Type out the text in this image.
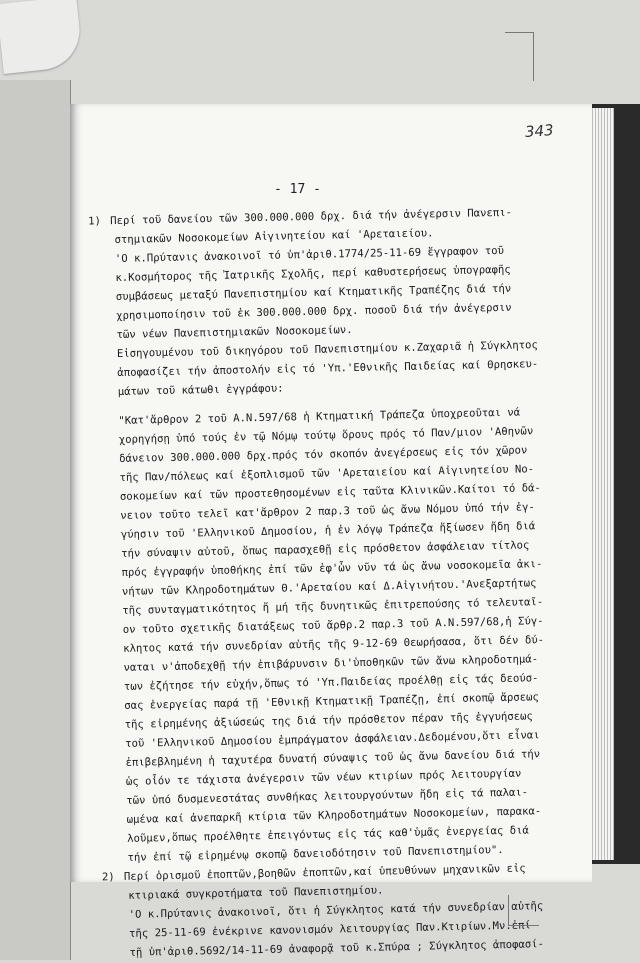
343
- 17 -
1) Περί τοῦ δανείου τῶν 300.000.000 δρχ. διά τήν ἀνέγερσιν Πανεπι-
στημιακῶν Νοσοκομείων Αἰγινητείου καί 'Αρεταιείου.
'Ο κ.Πρύτανις ἀνακοινοῖ τό ὑπ'ἀριθ.1774/25-11-69 ἔγγραφον τοῦ
κ.Κοσμήτορος τῆς Ἰατρικῆς Σχολῆς, περί καθυστερήσεως ὑπογραφῆς
συμβάσεως μεταξύ Πανεπιστημίου καί Κτηματικῆς Τραπέζης διά τήν
χρησιμοποίησιν τοῦ ἐκ 300.000.000 δρχ. ποσοῦ διά τήν ἀνέγερσιν
τῶν νέων Πανεπιστημιακῶν Νοσοκομείων.
Εἰσηγουμένου τοῦ δικηγόρου τοῦ Πανεπιστημίου κ.Ζαχαριᾶ ἡ Σύγκλητος
ἀποφασίζει τήν ἀποστολήν εἰς τό 'Υπ.'Εθνικῆς Παιδείας καί Θρησκευ-
μάτων τοῦ κάτωθι ἐγγράφου:
"Κατ'ἄρθρον 2 τοῦ Α.Ν.597/68 ἡ Κτηματική Τράπεζα ὑποχρεοῦται νά
χορηγήσῃ ὑπό τούς ἐν τῷ Νόμῳ τούτῳ ὅρους πρός τό Παν/μιον 'Αθηνῶν
δάνειον 300.000.000 δρχ.πρός τόν σκοπόν ἀνεγέρσεως εἰς τόν χῶρον
τῆς Παν/πόλεως καί ἐξοπλισμοῦ τῶν 'Αρεταιείου καί Αἰγινητείου Νο-
σοκομείων καί τῶν προστεθησομένων εἰς ταῦτα Κλινικῶν.Καίτοι τό δά-
νειον τοῦτο τελεῖ κατ'ἄρθρον 2 παρ.3 τοῦ ὡς ἄνω Νόμου ὑπό τήν ἐγ-
γύησιν τοῦ 'Ελληνικοῦ Δημοσίου, ἡ ἐν λόγῳ Τράπεζα ἤξίωσεν ἤδη διά
τήν σύναψιν αὐτοῦ, ὅπως παρασχεθῇ εἰς πρόσθετον ἀσφάλειαν τίτλος
πρός ἐγγραφήν ὑποθήκης ἐπί τῶν ἐφ'ὧν νῦν τά ὡς ἄνω νοσοκομεῖα ἀκι-
νήτων τῶν Κληροδοτημάτων Θ.'Αρεταίου καί Δ.Αἰγινήτου.'Ανεξαρτήτως
τῆς συνταγματικότητος ἤ μή τῆς δυνητικῶς ἐπιτρεπούσης τό τελευταῖ-
ον τοῦτο σχετικῆς διατάξεως τοῦ ἄρθρ.2 παρ.3 τοῦ Α.Ν.597/68,ἡ Σύγ-
κλητος κατά τήν συνεδρίαν αὐτῆς τῆς 9-12-69 Θεωρήσασα, ὅτι δέν δύ-
ναται ν'ἀποδεχθῇ τήν ἐπιβάρυνσιν δι'ὑποθηκῶν τῶν ἄνω κληροδοτημά-
των ἐζήτησε τήν εὐχήν,ὅπως τό 'Υπ.Παιδείας προέλθῃ εἰς τάς δεούσ-
σας ἐνεργείας παρά τῇ 'Εθνικῇ Κτηματικῇ Τραπέζῃ, ἐπί σκοπῷ ἄρσεως
τῆς εἰρημένης ἀξιώσεώς της διά τήν πρόσθετον πέραν τῆς ἐγγυήσεως
τοῦ 'Ελληνικοῦ Δημοσίου ἐμπράγματον ἀσφάλειαν.Δεδομένου,ὅτι εἶναι
ἐπιβεβλημένη ἡ ταχυτέρα δυνατή σύναψις τοῦ ὡς ἄνω δανείου διά τήν
ὡς οἷόν τε τάχιστα ἀνέγερσιν τῶν νέων κτιρίων πρός λειτουργίαν
τῶν ὑπό δυσμενεστάτας συνθήκας λειτουργούντων ἤδη εἰς τά παλαι-
ωμένα καί ἀνεπαρκῆ κτίρια τῶν Κληροδοτημάτων Νοσοκομείων, παρακα-
λοῦμεν,ὅπως προέλθητε ἐπειγόντως εἰς τάς καθ'ὑμᾶς ἐνεργείας διά
τήν ἐπί τῷ εἰρημένῳ σκοπῷ δανειοδότησιν τοῦ Πανεπιστημίου".
2) Περί ὁρισμοῦ ἐποπτῶν,βοηθῶν ἐποπτῶν,καί ὑπευθύνων μηχανικῶν εἰς
κτιριακά συγκροτήματα τοῦ Πανεπιστημίου.
'Ο κ.Πρύτανις ἀνακοινοῖ, ὅτι ἡ Σύγκλητος κατά τήν συνεδρίαν αὐτῆς
τῆς 25-11-69 ἐνέκρινε κανονισμόν λειτουργίας Παν.Κτιρίων.Μν.ἐπί
τῇ ὑπ'ἀριθ.5692/14-11-69 ἀναφορᾷ τοῦ κ.Σπύρα ; Σύγκλητος ἀποφασί-
